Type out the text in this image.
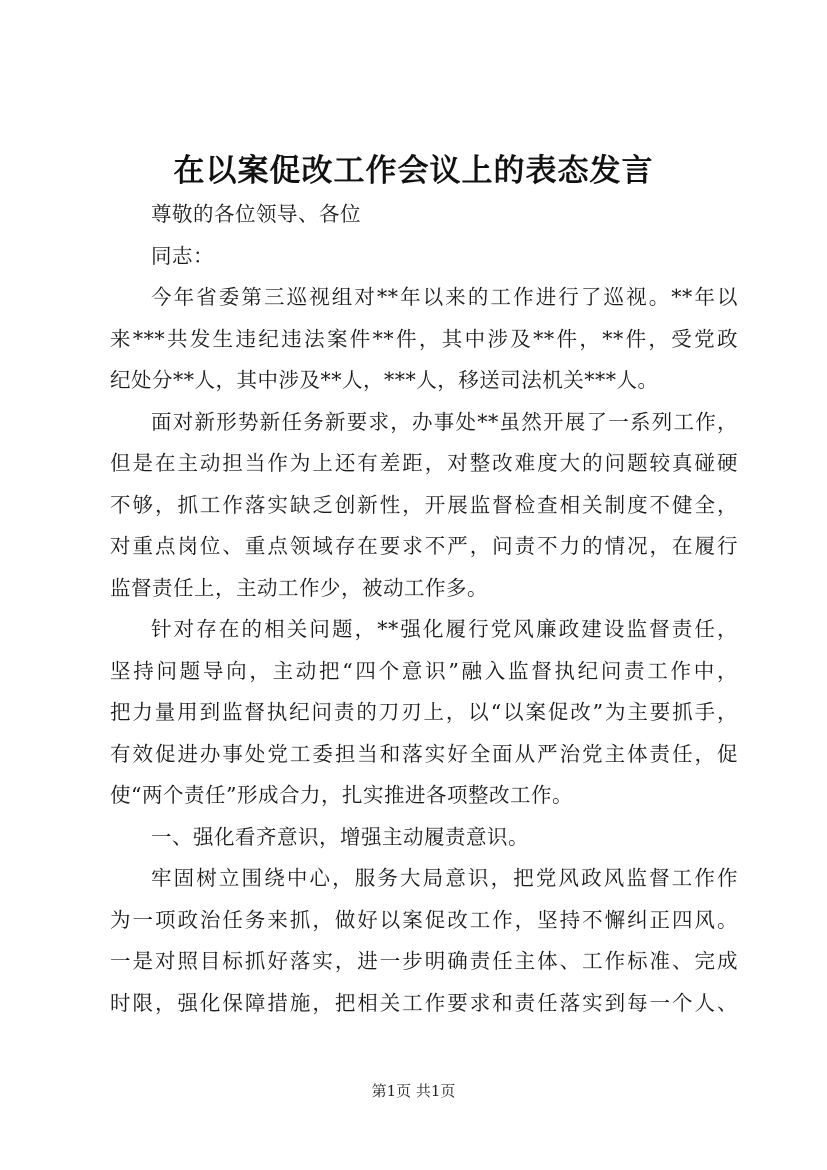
在以案促改工作会议上的表态发言
尊敬的各位领导、各位
同志：
今年省委第三巡视组对**年以来的工作进行了巡视。**年以
来***共发生违纪违法案件**件，其中涉及**件，**件，受党政
纪处分**人，其中涉及**人，***人，移送司法机关***人。
面对新形势新任务新要求，办事处**虽然开展了一系列工作，
但是在主动担当作为上还有差距，对整改难度大的问题较真碰硬
不够，抓工作落实缺乏创新性，开展监督检查相关制度不健全，
对重点岗位、重点领域存在要求不严，问责不力的情况，在履行
监督责任上，主动工作少，被动工作多。
针对存在的相关问题，**强化履行党风廉政建设监督责任，
坚持问题导向，主动把“四个意识”融入监督执纪问责工作中，
把力量用到监督执纪问责的刀刃上，以“以案促改”为主要抓手，
有效促进办事处党工委担当和落实好全面从严治党主体责任，促
使“两个责任”形成合力，扎实推进各项整改工作。
一、强化看齐意识，增强主动履责意识。
牢固树立围绕中心，服务大局意识，把党风政风监督工作作
为一项政治任务来抓，做好以案促改工作，坚持不懈纠正四风。
一是对照目标抓好落实，进一步明确责任主体、工作标准、完成
时限，强化保障措施，把相关工作要求和责任落实到每一个人、
第1页 共1页
